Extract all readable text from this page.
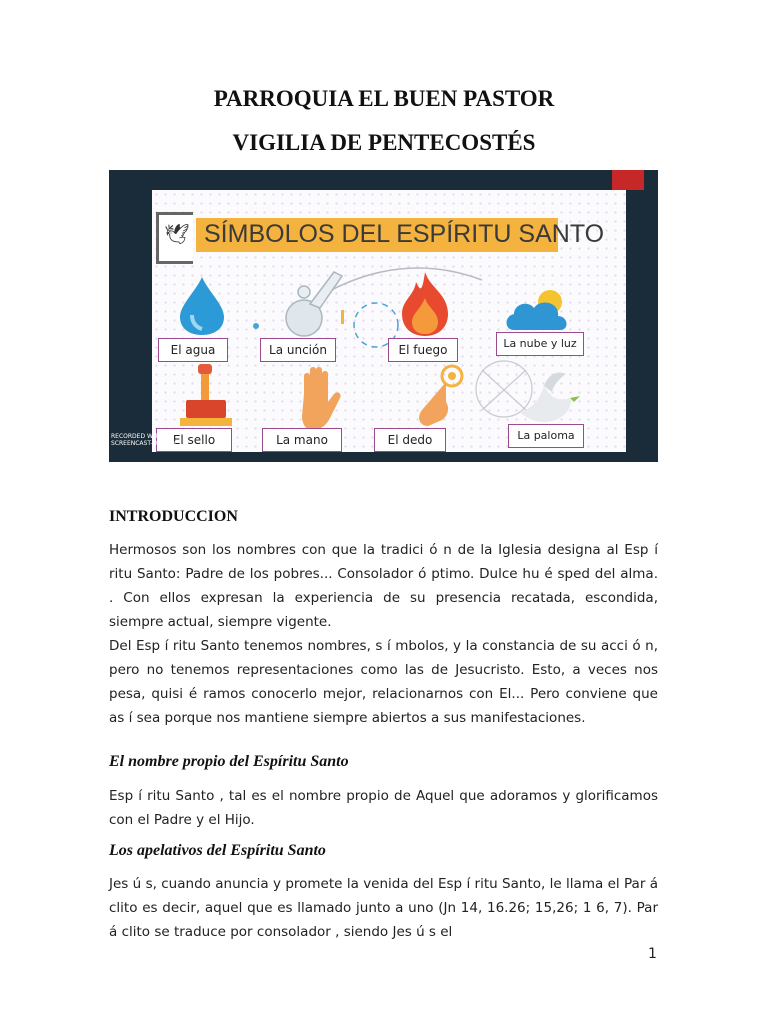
PARROQUIA EL BUEN PASTOR
VIGILIA DE PENTECOSTÉS
🕊 SÍMBOLOS DEL ESPÍRITU SANTO
El agua	La unción	El fuego	La nube y luz
El sello	La mano	El dedo	La paloma
RECORDED WITH
SCREENCAST-O-MATIC
INTRODUCCION
Hermosos son los nombres con que la tradici ó n de la Iglesia designa al Esp í ritu Santo: Padre de los pobres... Consolador ó ptimo. Dulce hu é sped del alma. . Con ellos expresan la experiencia de su presencia recatada, escondida, siempre actual, siempre vigente.
Del Esp í ritu Santo tenemos nombres, s í mbolos, y la constancia de su acci ó n, pero no tenemos representaciones como las de Jesucristo. Esto, a veces nos pesa, quisi é ramos conocerlo mejor, relacionarnos con El... Pero conviene que as í sea porque nos mantiene siempre abiertos a sus manifestaciones.
El nombre propio del Espíritu Santo
Esp í ritu Santo , tal es el nombre propio de Aquel que adoramos y glorificamos con el Padre y el Hijo.
Los apelativos del Espíritu Santo
Jes ú s, cuando anuncia y promete la venida del Esp í ritu Santo, le llama el Par á clito es decir, aquel que es llamado junto a uno (Jn 14, 16.26; 15,26; 1 6, 7). Par á clito se traduce por consolador , siendo Jes ú s el
1
